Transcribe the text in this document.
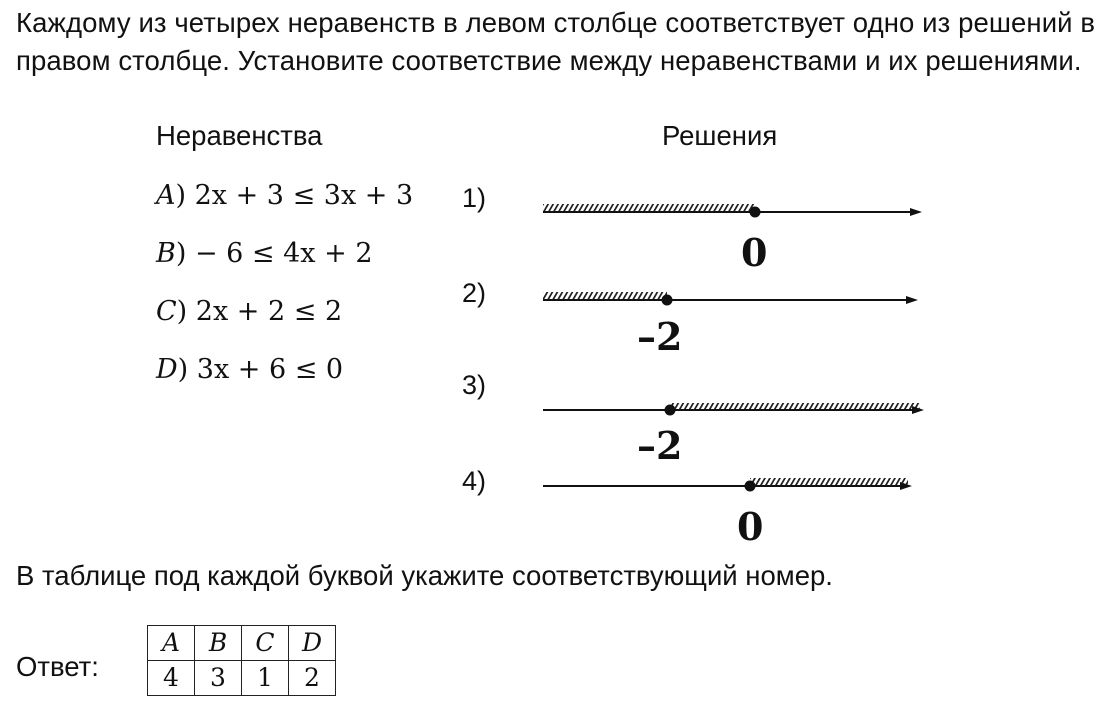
Каждому из четырех неравенств в левом столбце соответствует одно из решений в правом столбце. Установите соответствие между неравенствами и их решениями.
Неравенства	Решения
A) 2x + 3 ≤ 3x + 3
B) − 6 ≤ 4x + 2
C) 2x + 2 ≤ 2
D) 3x + 6 ≤ 0
1)
2)
3)
4)
0
–2
–2
0
В таблице под каждой буквой укажите соответствующий номер.
Ответ:
A	B	C	D
4	3	1	2
